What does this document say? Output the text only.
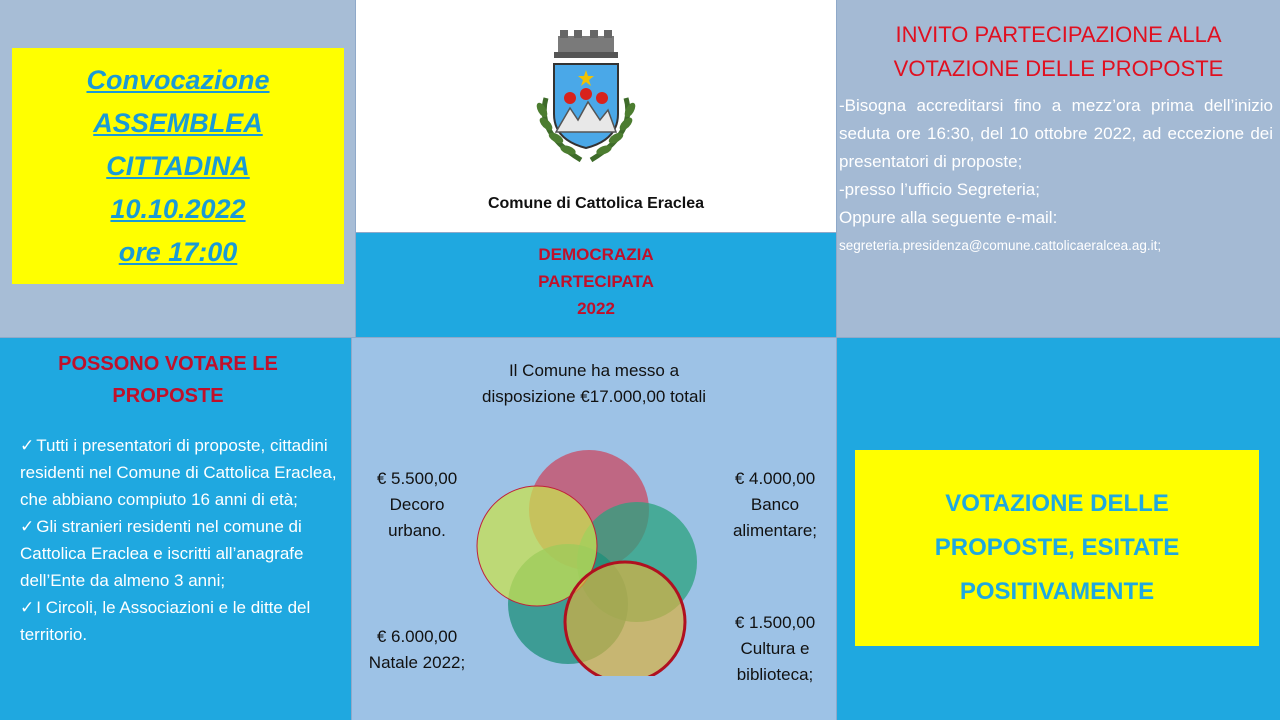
Convocazione
ASSEMBLEA
CITTADINA
10.10.2022
ore 17:00
Comune di Cattolica Eraclea
DEMOCRAZIA
PARTECIPATA
2022
INVITO PARTECIPAZIONE ALLA
VOTAZIONE DELLE PROPOSTE
-Bisogna accreditarsi fino a mezz’ora prima dell’inizio seduta ore 16:30, del 10 ottobre 2022, ad eccezione dei presentatori di proposte;
-presso l’ufficio Segreteria;
Oppure alla seguente e-mail:
segreteria.presidenza@comune.cattolicaeralcea.ag.it;
POSSONO VOTARE LE
PROPOSTE
✓ Tutti i presentatori di proposte, cittadini residenti nel Comune di Cattolica Eraclea, che abbiano compiuto 16 anni di età;
✓ Gli stranieri residenti nel comune di Cattolica Eraclea e iscritti all’anagrafe dell’Ente da almeno 3 anni;
✓ I Circoli, le Associazioni e le ditte del territorio.
Il Comune ha messo a disposizione €17.000,00 totali
€ 5.500,00
Decoro
urbano.
€ 4.000,00
Banco
alimentare;
€ 6.000,00
Natale 2022;
€ 1.500,00
Cultura e
biblioteca;
VOTAZIONE DELLE
PROPOSTE, ESITATE
POSITIVAMENTE
